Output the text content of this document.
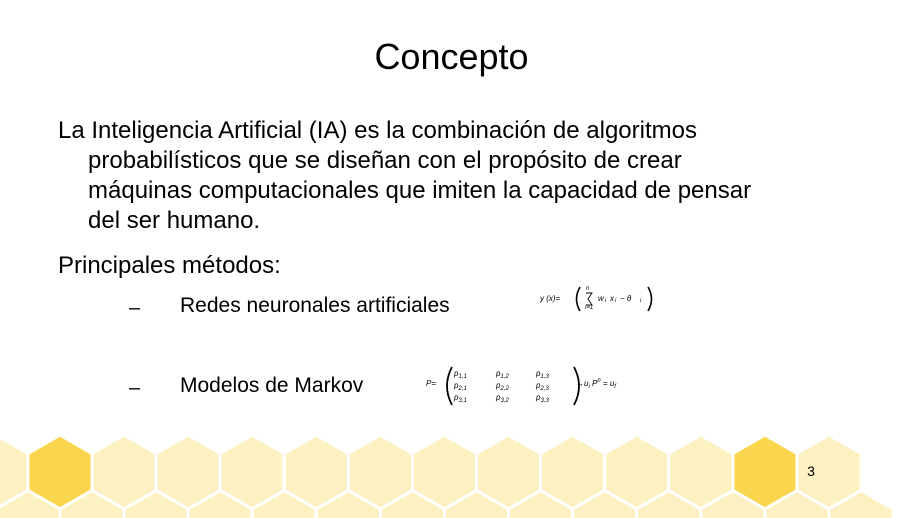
Concepto
La Inteligencia Artificial (IA) es la combinación de algoritmos
probabilísticos que se diseñan con el propósito de crear
máquinas computacionales que imiten la capacidad de pensar
del ser humano.
Principales métodos:
– Redes neuronales artificiales	y (x)=
n
i=1
w i x i − θ i
– Modelos de Markov	P=
$p_{1,1}$	$p_{1,2}$	$p_{1,3}$
$p_{2,1}$	$p_{2,2}$	$p_{2,3}$
$p_{3,1}$	$p_{3,2}$	$p_{3,3}$
$\to u_i$ $P^n = u_f$
3
